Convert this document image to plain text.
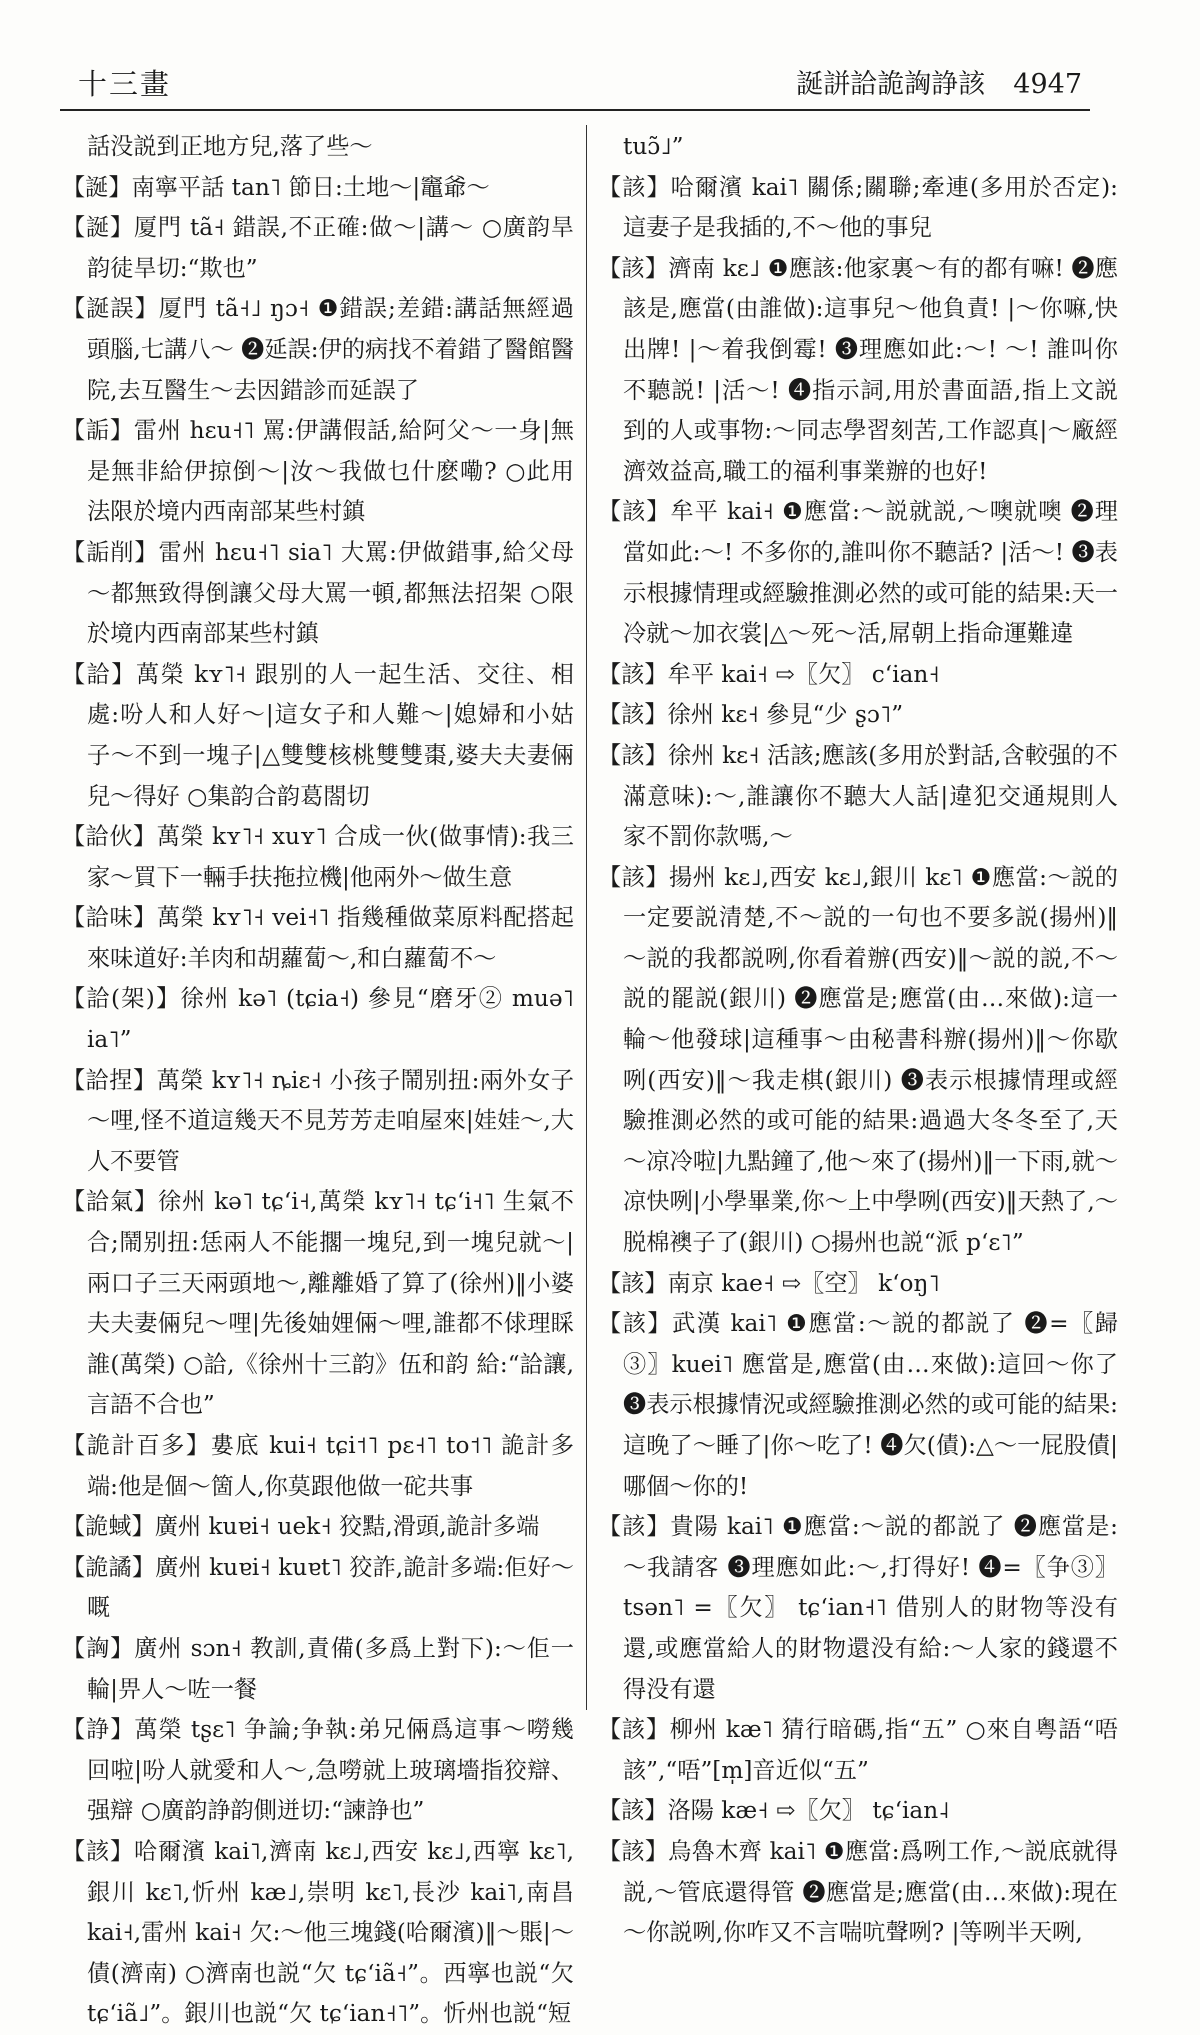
十三畫	誕誁詥詭詾諍該 4947

話没説到正地方兒,落了些～

【誕】南寧平話 tan˥ 節日:土地～|竈爺～

【誕】厦門 tã˧ 錯誤,不正確:做～|講～ ○廣韵旱韵徒旱切:“欺也”

【誕誤】厦門 tã˧˩ ŋɔ˧ ❶錯誤;差錯:講話無經過頭腦,七講八～ ❷延誤:伊的病找不着錯了醫館醫院,去互醫生～去因錯診而延誤了

【詬】雷州 hɛu˧˥ 罵:伊講假話,給阿父～一身|無是無非給伊掠倒～|汝～我做乜什麽嘞? ○此用法限於境内西南部某些村鎮

【詬削】雷州 hɛu˧˥ sia˥ 大罵:伊做錯事,給父母～都無致得倒讓父母大罵一頓,都無法招架 ○限於境内西南部某些村鎮

【詥】萬榮 kʏ˥˧ 跟别的人一起生活、交往、相處:吩人和人好～|這女子和人難～|媳婦和小姑子～不到一塊子|△雙雙核桃雙雙棗,婆夫夫妻倆兒～得好 ○集韵合韵葛閤切

【詥伙】萬榮 kʏ˥˧ xuʏ˥ 合成一伙(做事情):我三家～買下一輛手扶拖拉機|他兩外～做生意

【詥味】萬榮 kʏ˥˧ vei˧˥ 指幾種做菜原料配搭起來味道好:羊肉和胡蘿蔔～,和白蘿蔔不～

【詥(架)】徐州 kə˥ (tɕia˧) 參見“磨牙② muə˥ ia˥”

【詥捏】萬榮 kʏ˥˧ ȵiɛ˧ 小孩子鬧别扭:兩外女子～哩,怪不道這幾天不見芳芳走咱屋來|娃娃～,大人不要管

【詥氣】徐州 kə˥ tɕʻi˧,萬榮 kʏ˥˧ tɕʻi˧˥ 生氣不合;鬧别扭:恁兩人不能擱一塊兒,到一塊兒就～|兩口子三天兩頭地～,離離婚了算了(徐州)‖小婆夫夫妻倆兒～哩|先後妯娌倆～哩,誰都不俅理睬誰(萬榮) ○詥,《徐州十三韵》伍和韵 給:“詥讓,言語不合也”

【詭計百多】婁底 kui˧ tɕi˦˥ pɛ˧˥ to˦˥ 詭計多端:他是個～箇人,你莫跟他做一砣共事

【詭蜮】廣州 kuɐi˧ uek˧ 狡黠,滑頭,詭計多端

【詭譎】廣州 kuɐi˧ kuɐt˥ 狡詐,詭計多端:佢好～嘅

【詾】廣州 sɔn˧ 教訓,責備(多爲上對下):～佢一輪|畀人～咗一餐

【諍】萬榮 tʂɛ˥ 争論;争執:弟兄倆爲這事～嘮幾回啦|吩人就愛和人～,急嘮就上玻璃墻指狡辯、强辯 ○廣韵諍韵側迸切:“諫諍也”

【該】哈爾濱 kai˥,濟南 kɛ˩,西安 kɛ˩,西寧 kɛ˥,銀川 kɛ˥,忻州 kæ˩,崇明 kɛ˥,長沙 kai˥,南昌 kai˧,雷州 kai˧ 欠:～他三塊錢(哈爾濱)‖～賬|～債(濟南) ○濟南也説“欠 tɕʻiã˧”。西寧也説“欠 tɕʻiã˩”。銀川也説“欠 tɕʻian˧˥”。忻州也説“短

tuɔ̃˩”

【該】哈爾濱 kai˥ 關係;關聯;牽連(多用於否定):這妻子是我插的,不～他的事兒

【該】濟南 kɛ˩ ❶應該:他家裏～有的都有嘛! ❷應該是,應當(由誰做):這事兒～他負責! |～你嘛,快出牌! |～着我倒霉! ❸理應如此:～! ～! 誰叫你不聽説! |活～! ❹指示詞,用於書面語,指上文説到的人或事物:～同志學習刻苦,工作認真|～廠經濟效益高,職工的福利事業辦的也好!

【該】牟平 kai˧ ❶應當:～説就説,～噢就噢 ❷理當如此:～! 不多你的,誰叫你不聽話? |活～! ❸表示根據情理或經驗推測必然的或可能的結果:天一冷就～加衣裳|△～死～活,屌朝上指命運難違

【該】牟平 kai˧ ⇨〖欠〗 cʻian˧

【該】徐州 kɛ˧ 參見“少 ʂɔ˥”

【該】徐州 kɛ˧ 活該;應該(多用於對話,含較强的不滿意味):～,誰讓你不聽大人話|違犯交通規則人家不罰你款嗎,～

【該】揚州 kɛ˩,西安 kɛ˩,銀川 kɛ˥ ❶應當:～説的一定要説清楚,不～説的一句也不要多説(揚州)‖～説的我都説咧,你看着辦(西安)‖～説的説,不～説的罷説(銀川) ❷應當是;應當(由…來做):這一輪～他發球|這種事～由秘書科辦(揚州)‖～你歇咧(西安)‖～我走棋(銀川) ❸表示根據情理或經驗推測必然的或可能的結果:過過大冬冬至了,天～凉冷啦|九點鐘了,他～來了(揚州)‖一下雨,就～凉快咧|小學畢業,你～上中學咧(西安)‖天熱了,～脱棉襖子了(銀川) ○揚州也説“派 pʻɛ˥”

【該】南京 kae˧ ⇨〖空〗 kʻoŋ˥

【該】武漢 kai˥ ❶應當:～説的都説了 ❷=〖歸③〗kuei˥ 應當是,應當(由…來做):這回～你了 ❸表示根據情況或經驗推測必然的或可能的結果:這晚了～睡了|你～吃了! ❹欠(債):△～一屁股債|哪個～你的!

【該】貴陽 kai˥ ❶應當:～説的都説了 ❷應當是:～我請客 ❸理應如此:～,打得好! ❹=〖争③〗tsən˥ =〖欠〗 tɕʻian˧˥ 借别人的財物等没有還,或應當給人的財物還没有給:～人家的錢還不得没有還

【該】柳州 kæ˥ 猜行暗碼,指“五” ○來自粤語“唔該”,“唔”[m̩]音近似“五”

【該】洛陽 kæ˧ ⇨〖欠〗 tɕʻian˨

【該】烏魯木齊 kai˥ ❶應當:爲咧工作,～説底就得説,～管底還得管 ❷應當是;應當(由…來做):現在～你説咧,你咋又不言喘吭聲咧? |等咧半天咧,
